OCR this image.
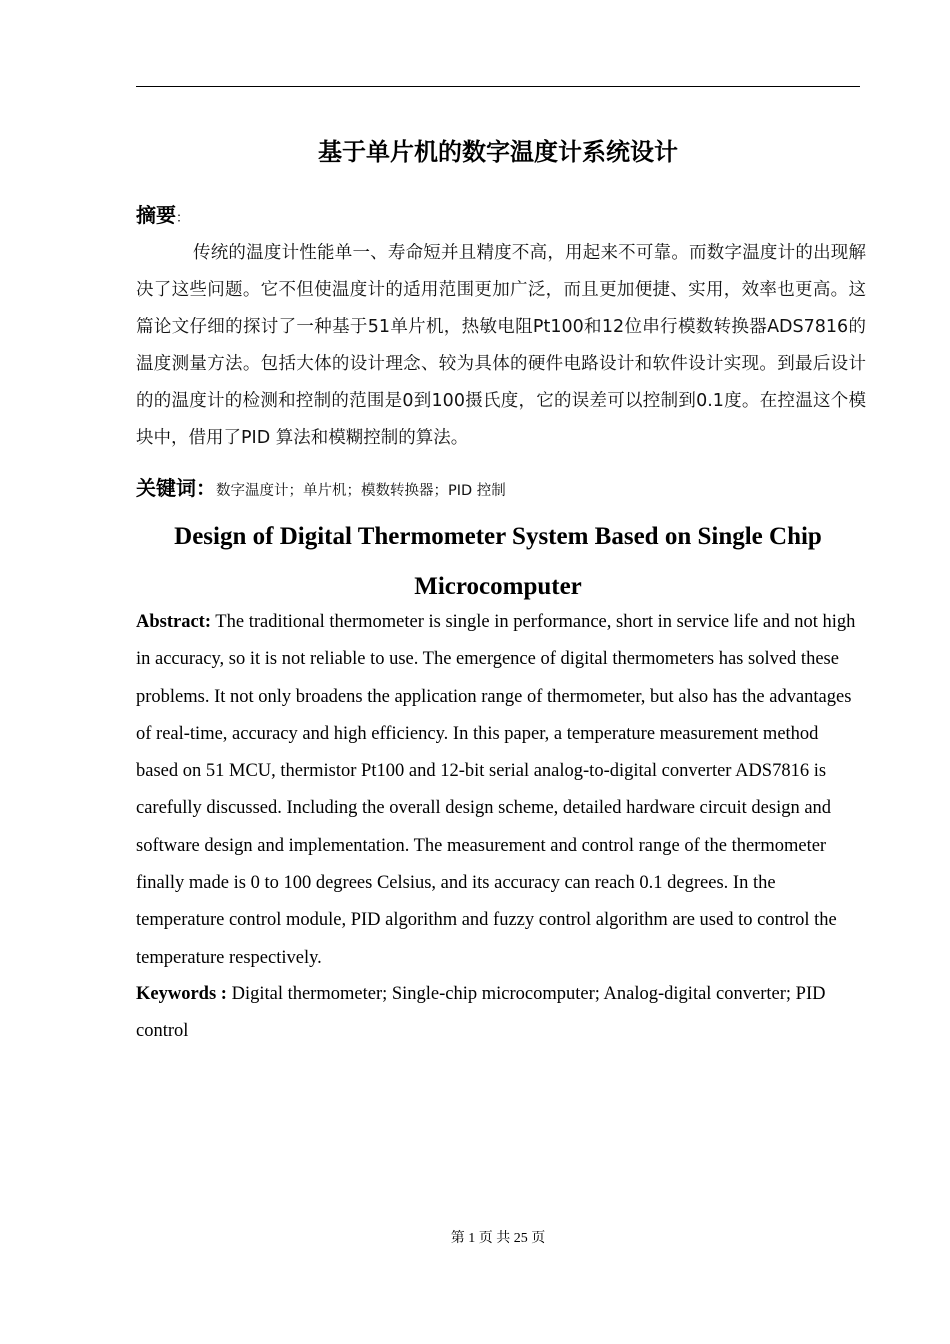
基于单片机的数字温度计系统设计
摘要：
传统的温度计性能单一、寿命短并且精度不高，用起来不可靠。而数字温度计的出现解决了这些问题。它不但使温度计的适用范围更加广泛，而且更加便捷、实用，效率也更高。这篇论文仔细的探讨了一种基于51单片机，热敏电阻Pt100和12位串行模数转换器ADS7816的温度测量方法。包括大体的设计理念、较为具体的硬件电路设计和软件设计实现。到最后设计的的温度计的检测和控制的范围是0到100摄氏度，它的误差可以控制到0.1度。在控温这个模块中，借用了PID 算法和模糊控制的算法。
关键词：数字温度计；单片机；模数转换器；PID 控制
Design of Digital Thermometer System Based on Single Chip Microcomputer
Abstract: The traditional thermometer is single in performance, short in service life and not high in accuracy, so it is not reliable to use. The emergence of digital thermometers has solved these problems. It not only broadens the application range of thermometer, but also has the advantages of real-time, accuracy and high efficiency. In this paper, a temperature measurement method based on 51 MCU, thermistor Pt100 and 12-bit serial analog-to-digital converter ADS7816 is carefully discussed. Including the overall design scheme, detailed hardware circuit design and software design and implementation. The measurement and control range of the thermometer finally made is 0 to 100 degrees Celsius, and its accuracy can reach 0.1 degrees. In the temperature control module, PID algorithm and fuzzy control algorithm are used to control the temperature respectively.
Keywords : Digital thermometer; Single-chip microcomputer; Analog-digital converter; PID control
第 1 页 共 25 页
